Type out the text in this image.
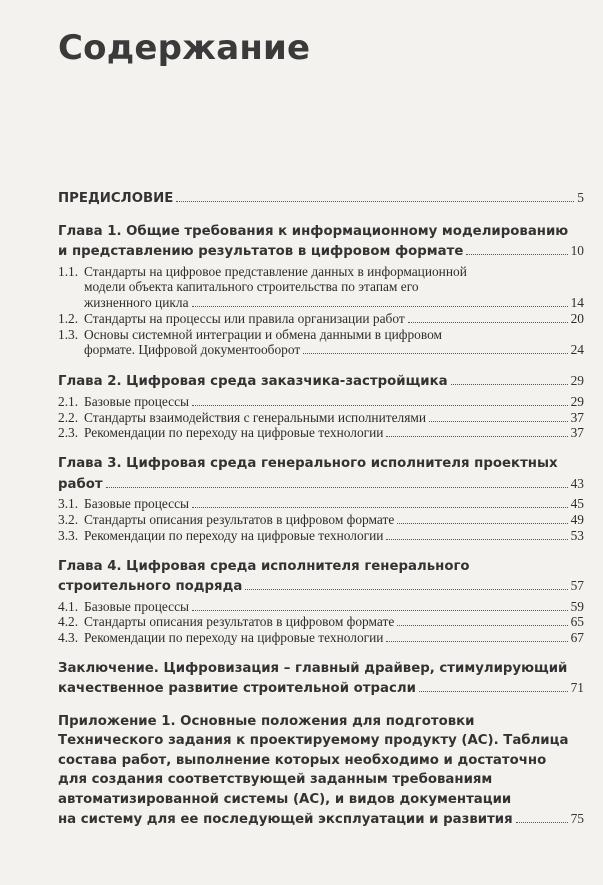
Содержание
ПРЕДИСЛОВИЕ	5
Глава 1. Общие требования к информационному моделированию
и представлению результатов в цифровом формате	10
1.1. Стандарты на цифровое представление данных в информационной
модели объекта капитального строительства по этапам его
жизненного цикла	14
1.2. Стандарты на процессы или правила организации работ	20
1.3. Основы системной интеграции и обмена данными в цифровом
формате. Цифровой документооборот	24
Глава 2. Цифровая среда заказчика-застройщика	29
2.1. Базовые процессы	29
2.2. Стандарты взаимодействия с генеральными исполнителями	37
2.3. Рекомендации по переходу на цифровые технологии	37
Глава 3. Цифровая среда генерального исполнителя проектных
работ	43
3.1. Базовые процессы	45
3.2. Стандарты описания результатов в цифровом формате	49
3.3. Рекомендации по переходу на цифровые технологии	53
Глава 4. Цифровая среда исполнителя генерального
строительного подряда	57
4.1. Базовые процессы	59
4.2. Стандарты описания результатов в цифровом формате	65
4.3. Рекомендации по переходу на цифровые технологии	67
Заключение. Цифровизация – главный драйвер, стимулирующий
качественное развитие строительной отрасли	71
Приложение 1. Основные положения для подготовки
Технического задания к проектируемому продукту (АС). Таблица
состава работ, выполнение которых необходимо и достаточно
для создания соответствующей заданным требованиям
автоматизированной системы (АС), и видов документации
на систему для ее последующей эксплуатации и развития	75
